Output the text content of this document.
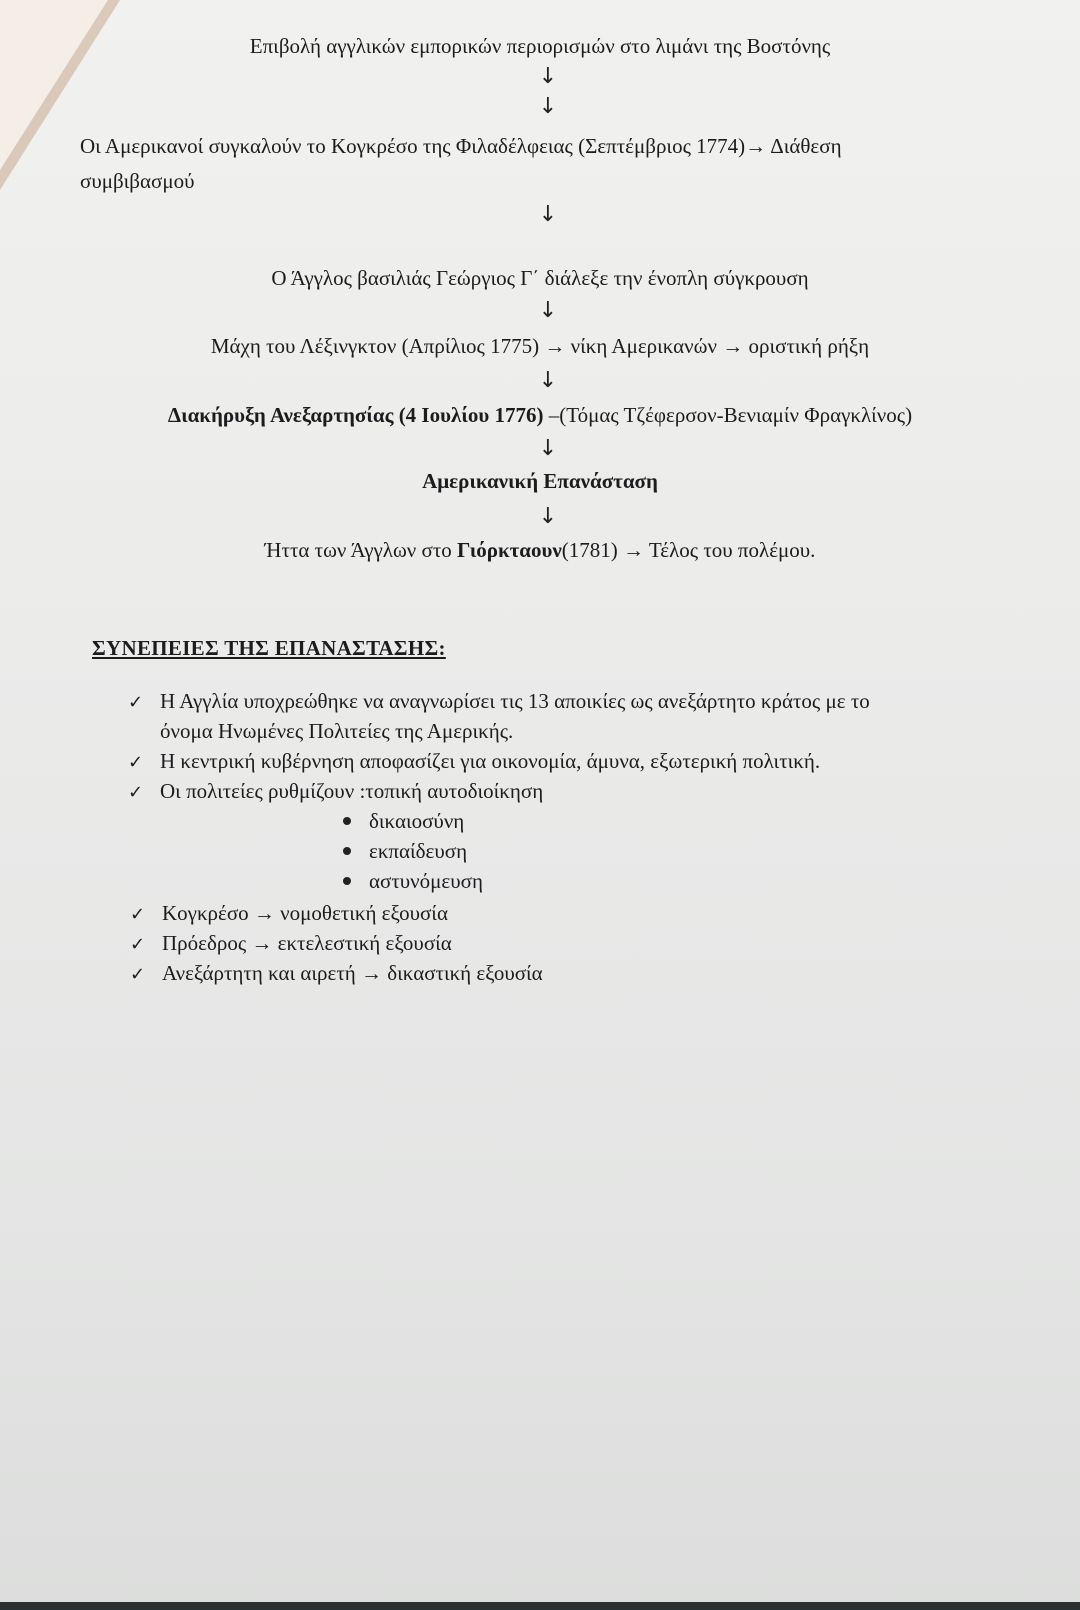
Επιβολή αγγλικών εμπορικών περιορισμών στο λιμάνι της Βοστόνης
↓
↓
Οι Αμερικανοί συγκαλούν το Κογκρέσο της Φιλαδέλφειας (Σεπτέμβριος 1774)→ Διάθεση
συμβιβασμού
↓
Ο Άγγλος βασιλιάς Γεώργιος Γ΄ διάλεξε την ένοπλη σύγκρουση
↓
Μάχη του Λέξινγκτον (Απρίλιος 1775) → νίκη Αμερικανών → οριστική ρήξη
↓
Διακήρυξη Ανεξαρτησίας (4 Ιουλίου 1776) –(Τόμας Τζέφερσον-Βενιαμίν Φραγκλίνος)
↓
Αμερικανική Επανάσταση
↓
Ήττα των Άγγλων στο Γιόρκταουν(1781) → Τέλος του πολέμου.
ΣΥΝΕΠΕΙΕΣ ΤΗΣ ΕΠΑΝΑΣΤΑΣΗΣ:
✓ Η Αγγλία υποχρεώθηκε να αναγνωρίσει τις 13 αποικίες ως ανεξάρτητο κράτος με το
όνομα Ηνωμένες Πολιτείες της Αμερικής.
✓ Η κεντρική κυβέρνηση αποφασίζει για οικονομία, άμυνα, εξωτερική πολιτική.
✓ Οι πολιτείες ρυθμίζουν :τοπική αυτοδιοίκηση
δικαιοσύνη
εκπαίδευση
αστυνόμευση
✓ Κογκρέσο → νομοθετική εξουσία
✓ Πρόεδρος → εκτελεστική εξουσία
✓ Ανεξάρτητη και αιρετή → δικαστική εξουσία
